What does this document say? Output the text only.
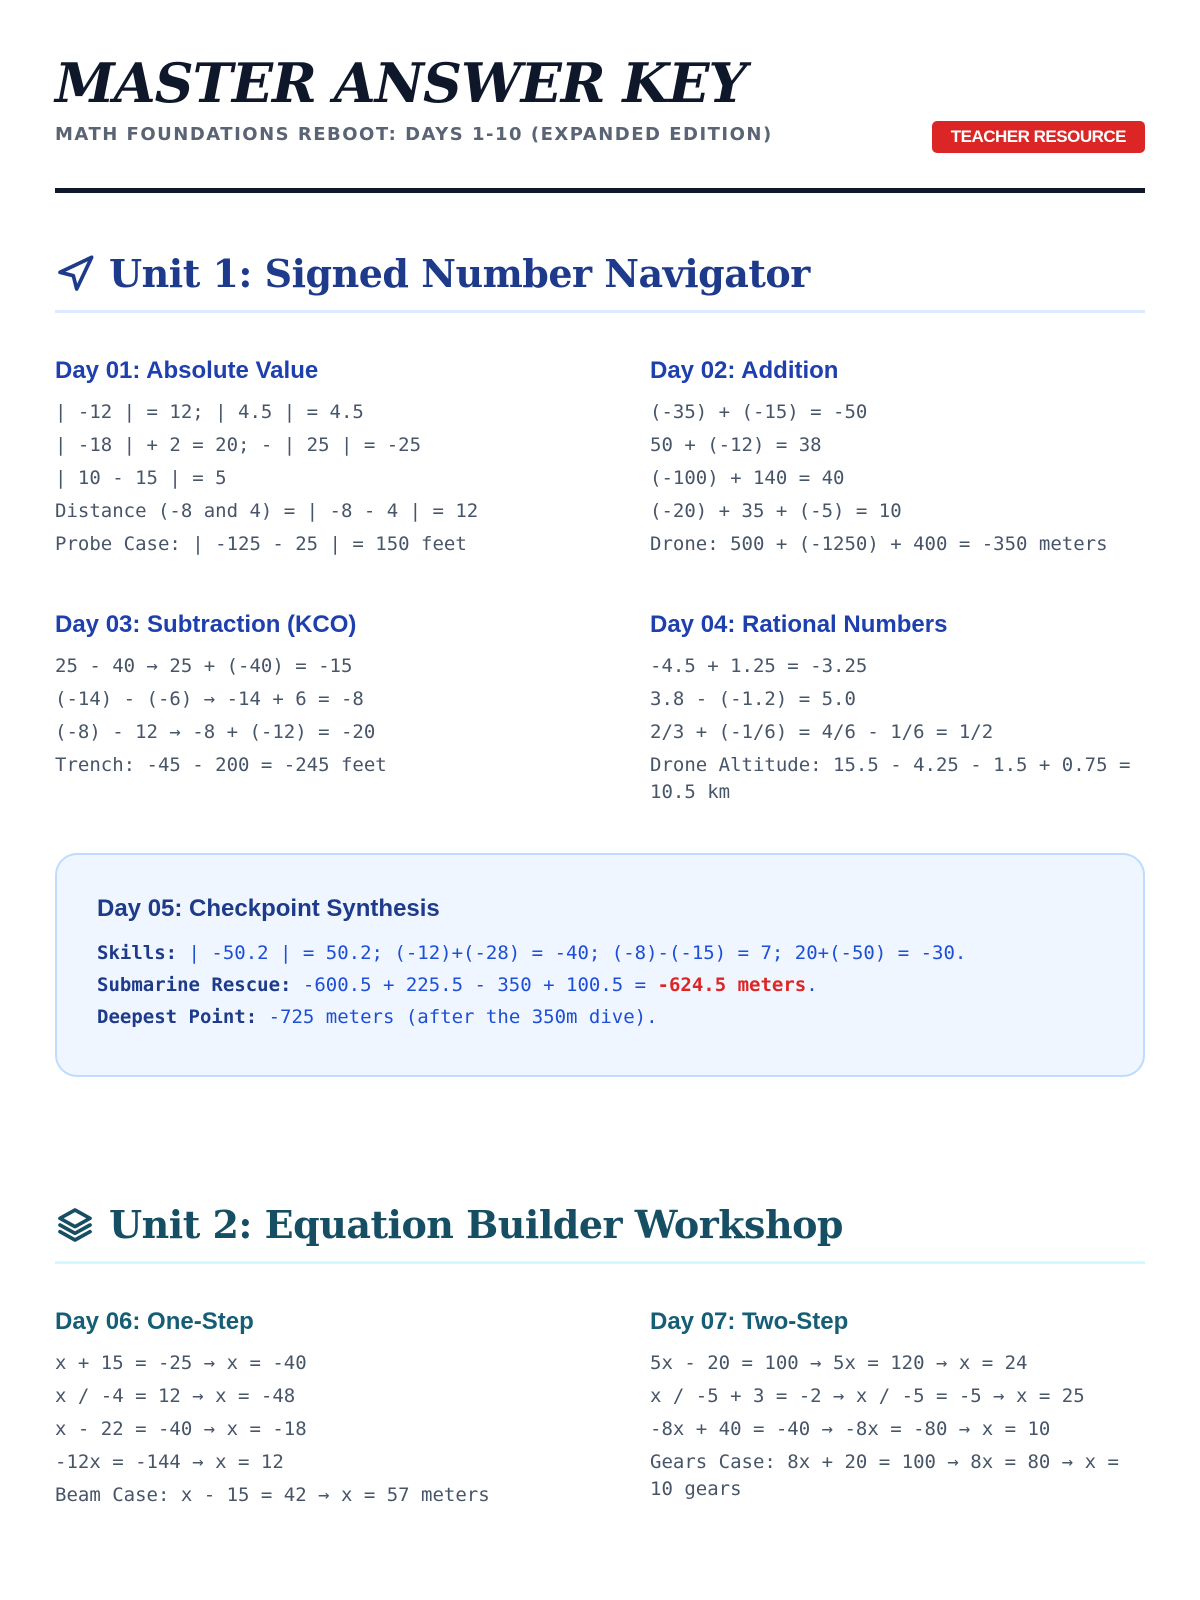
MASTER ANSWER KEY
MATH FOUNDATIONS REBOOT: DAYS 1-10 (EXPANDED EDITION)	TEACHER RESOURCE
Unit 1: Signed Number Navigator
Day 01: Absolute Value
| -12 | = 12; | 4.5 | = 4.5
| -18 | + 2 = 20; - | 25 | = -25
| 10 - 15 | = 5
Distance (-8 and 4) = | -8 - 4 | = 12
Probe Case: | -125 - 25 | = 150 feet
Day 02: Addition
(-35) + (-15) = -50
50 + (-12) = 38
(-100) + 140 = 40
(-20) + 35 + (-5) = 10
Drone: 500 + (-1250) + 400 = -350 meters
Day 03: Subtraction (KCO)
25 - 40 → 25 + (-40) = -15
(-14) - (-6) → -14 + 6 = -8
(-8) - 12 → -8 + (-12) = -20
Trench: -45 - 200 = -245 feet
Day 04: Rational Numbers
-4.5 + 1.25 = -3.25
3.8 - (-1.2) = 5.0
2/3 + (-1/6) = 4/6 - 1/6 = 1/2
Drone Altitude: 15.5 - 4.25 - 1.5 + 0.75 = 10.5 km
Day 05: Checkpoint Synthesis
Skills: | -50.2 | = 50.2; (-12)+(-28) = -40; (-8)-(-15) = 7; 20+(-50) = -30.
Submarine Rescue: -600.5 + 225.5 - 350 + 100.5 = -624.5 meters.
Deepest Point: -725 meters (after the 350m dive).
Unit 2: Equation Builder Workshop
Day 06: One-Step
x + 15 = -25 → x = -40
x / -4 = 12 → x = -48
x - 22 = -40 → x = -18
-12x = -144 → x = 12
Beam Case: x - 15 = 42 → x = 57 meters
Day 07: Two-Step
5x - 20 = 100 → 5x = 120 → x = 24
x / -5 + 3 = -2 → x / -5 = -5 → x = 25
-8x + 40 = -40 → -8x = -80 → x = 10
Gears Case: 8x + 20 = 100 → 8x = 80 → x = 10 gears
